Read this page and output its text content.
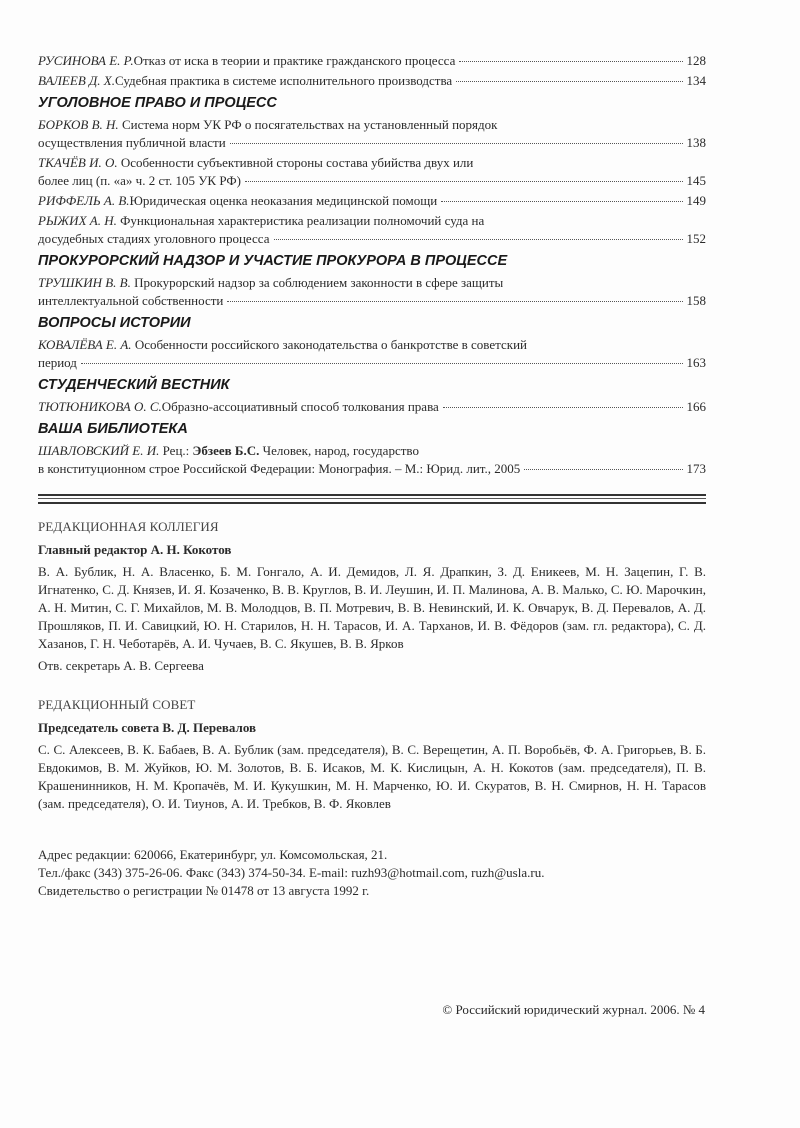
РУСИНОВА Е. Р. Отказ от иска в теории и практике гражданского процесса	128
ВАЛЕЕВ Д. Х. Судебная практика в системе исполнительного производства	134
УГОЛОВНОЕ ПРАВО И ПРОЦЕСС
БОРКОВ В. Н. Система норм УК РФ о посягательствах на установленный порядок
осуществления публичной власти	138
ТКАЧЁВ И. О. Особенности субъективной стороны состава убийства двух или
более лиц (п. «а» ч. 2 ст. 105 УК РФ)	145
РИФФЕЛЬ А. В. Юридическая оценка неоказания медицинской помощи	149
РЫЖИХ А. Н. Функциональная характеристика реализации полномочий суда на
досудебных стадиях уголовного процесса	152
ПРОКУРОРСКИЙ НАДЗОР И УЧАСТИЕ ПРОКУРОРА В ПРОЦЕССЕ
ТРУШКИН В. В. Прокурорский надзор за соблюдением законности в сфере защиты
интеллектуальной собственности	158
ВОПРОСЫ ИСТОРИИ
КОВАЛЁВА Е. А. Особенности российского законодательства о банкротстве в советский
период	163
СТУДЕНЧЕСКИЙ ВЕСТНИК
ТЮТЮНИКОВА О. С. Образно-ассоциативный способ толкования права	166
ВАША БИБЛИОТЕКА
ШАВЛОВСКИЙ Е. И. Рец.: Эбзеев Б.С. Человек, народ, государство
в конституционном строе Российской Федерации: Монография. – М.: Юрид. лит., 2005	173
РЕДАКЦИОННАЯ КОЛЛЕГИЯ
Главный редактор А. Н. Кокотов
В. А. Бублик, Н. А. Власенко, Б. М. Гонгало, А. И. Демидов, Л. Я. Драпкин, З. Д. Еникеев, М. Н. Зацепин, Г. В. Игнатенко, С. Д. Князев, И. Я. Козаченко, В. В. Круглов, В. И. Леушин, И. П. Малинова, А. В. Малько, С. Ю. Марочкин, А. Н. Митин, С. Г. Михайлов, М. В. Молодцов, В. П. Мотревич, В. В. Невинский, И. К. Овчарук, В. Д. Перевалов, А. Д. Прошляков, П. И. Савицкий, Ю. Н. Старилов, Н. Н. Тарасов, И. А. Тарханов, И. В. Фёдоров (зам. гл. редактора), С. Д. Хазанов, Г. Н. Чеботарёв, А. И. Чучаев, В. С. Якушев, В. В. Ярков
Отв. секретарь А. В. Сергеева
РЕДАКЦИОННЫЙ СОВЕТ
Председатель совета В. Д. Перевалов
С. С. Алексеев, В. К. Бабаев, В. А. Бублик (зам. председателя), В. С. Верещетин, А. П. Воробьёв, Ф. А. Григорьев, В. Б. Евдокимов, В. М. Жуйков, Ю. М. Золотов, В. Б. Исаков, М. К. Кислицын, А. Н. Кокотов (зам. председателя), П. В. Крашенинников, Н. М. Кропачёв, М. И. Кукушкин, М. Н. Марченко, Ю. И. Скуратов, В. Н. Смирнов, Н. Н. Тарасов (зам. председателя), О. И. Тиунов, А. И. Требков, В. Ф. Яковлев
Адрес редакции: 620066, Екатеринбург, ул. Комсомольская, 21.
Тел./факс (343) 375-26-06. Факс (343) 374-50-34. E-mail: ruzh93@hotmail.com, ruzh@usla.ru.
Свидетельство о регистрации № 01478 от 13 августа 1992 г.
© Российский юридический журнал. 2006. № 4
